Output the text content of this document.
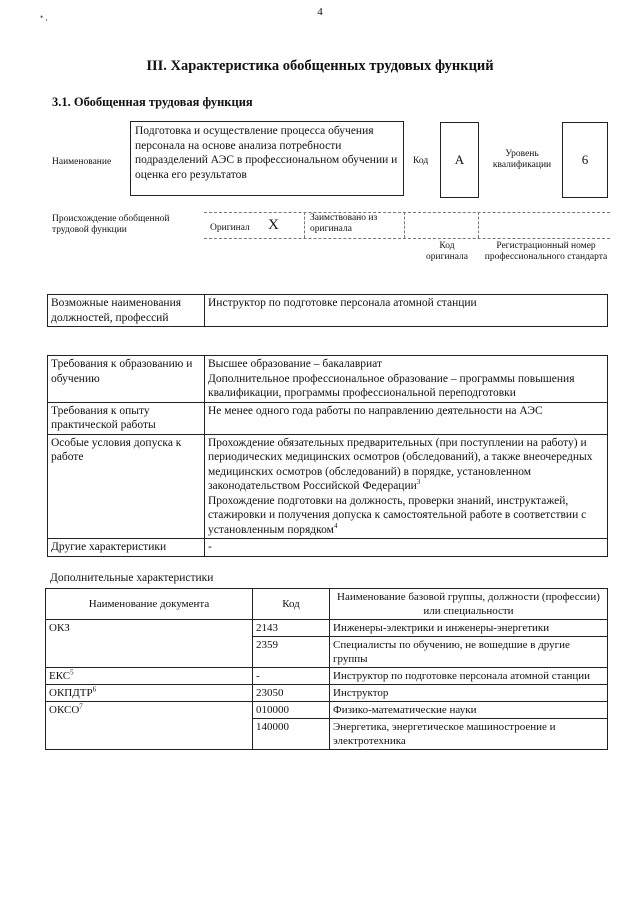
• ,	4
III. Характеристика обобщенных трудовых функций
3.1. Обобщенная трудовая функция
Наименование
Подготовка и осуществление процесса обучения персонала на основе анализа потребности подразделений АЭС в профессиональном обучении и оценка его результатов
Код	A	Уровень квалификации	6
Происхождение обобщенной трудовой функции	Оригинал X	Заимствовано из оригинала
Код оригинала
Регистрационный номер профессионального стандарта
Возможные наименования должностей, профессий	Инструктор по подготовке персонала атомной станции
Требования к образованию и обучению	Высшее образование – бакалавриат
Дополнительное профессиональное образование – программы повышения квалификации, программы профессиональной переподготовки
Требования к опыту практической работы	Не менее одного года работы по направлению деятельности на АЭС
Особые условия допуска к работе	Прохождение обязательных предварительных (при поступлении на работу) и периодических медицинских осмотров (обследований), а также внеочередных медицинских осмотров (обследований) в порядке, установленном законодательством Российской Федерации$^3$
Прохождение подготовки на должность, проверки знаний, инструктажей, стажировки и получения допуска к самостоятельной работе в соответствии с установленным порядком$^4$
Другие характеристики	-
Дополнительные характеристики
Наименование документа	Код	Наименование базовой группы, должности (профессии) или специальности
ОКЗ	2143	Инженеры-электрики и инженеры-энергетики
	2359	Специалисты по обучению, не вошедшие в другие группы
ЕКС$^5$	-	Инструктор по подготовке персонала атомной станции
ОКПДТР$^6$	23050	Инструктор
ОКСО$^7$	010000	Физико-математические науки
	140000	Энергетика, энергетическое машиностроение и электротехника
